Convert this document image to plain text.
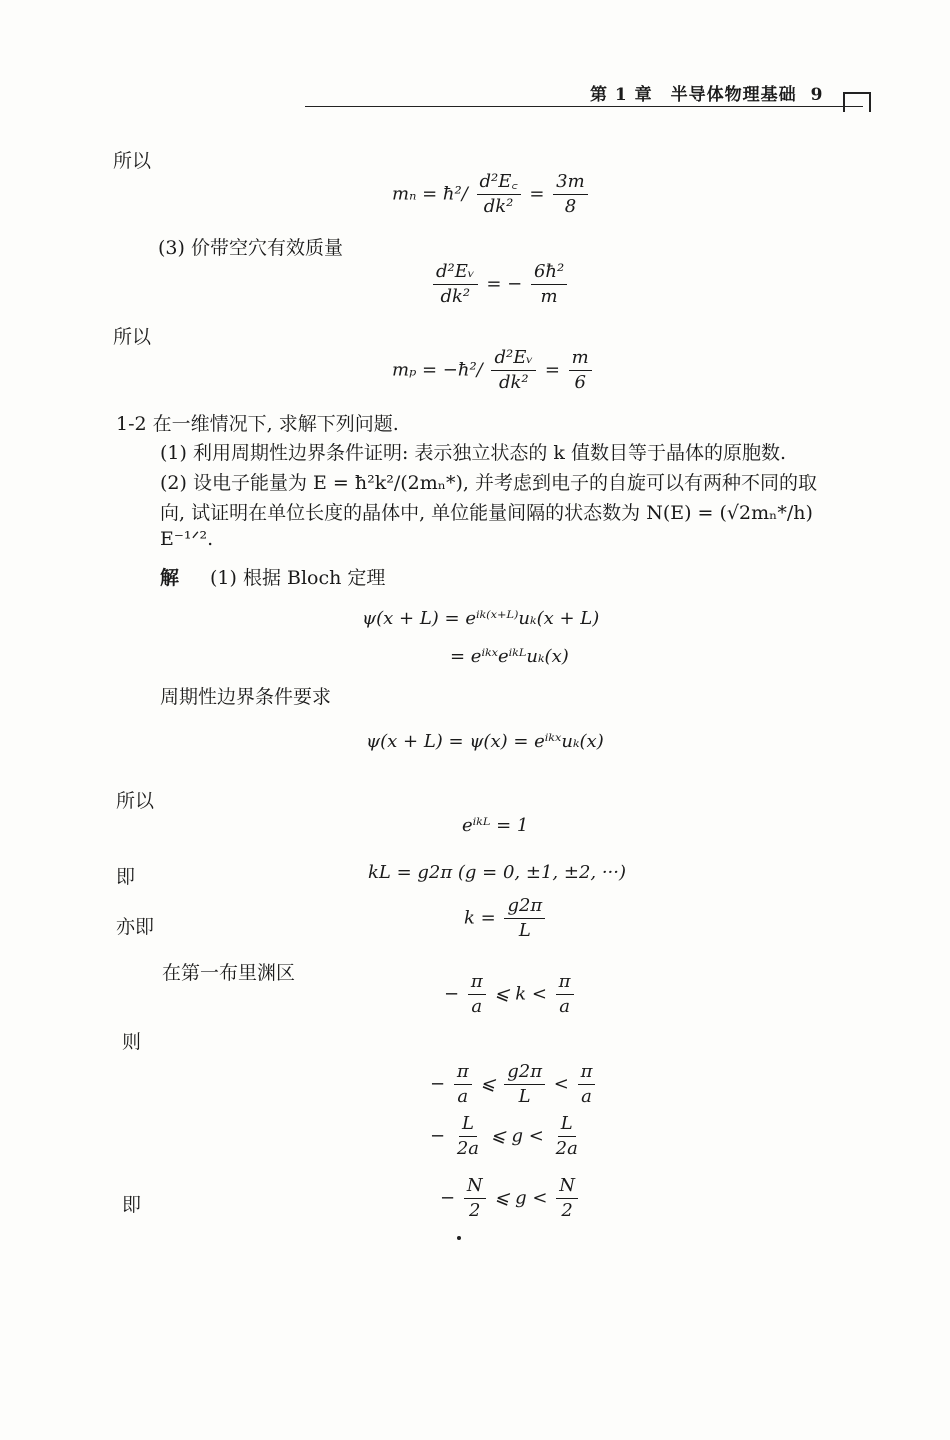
第 1 章　半导体物理基础 9
所以
mₙ = ħ²/ $\frac{\text{d²E꜀}}{\text{dk²}} = \frac{3m}{8}$
(3) 价带空穴有效质量
$\frac{\text{d²Eᵥ}}{\text{dk²}}$ = − $\frac{\text{6ħ²}}{m}$
所以
mₚ = −ħ²/ $\frac{\text{d²Eᵥ}}{\text{dk²}} = \frac{m}{6}$
1-2 在一维情况下, 求解下列问题.
(1) 利用周期性边界条件证明: 表示独立状态的 k 值数目等于晶体的原胞数.
(2) 设电子能量为 E = ħ²k²/(2mₙ*), 并考虑到电子的自旋可以有两种不同的取
向, 试证明在单位长度的晶体中, 单位能量间隔的状态数为 N(E) = (√2mₙ*/h)
E⁻¹ᐟ².
解 (1) 根据 Bloch 定理
ψ(x + L) = eⁱᵏ⁽ˣ⁺ᴸ⁾uₖ(x + L)
= eⁱᵏˣeⁱᵏᴸuₖ(x)
周期性边界条件要求
ψ(x + L) = ψ(x) = eⁱᵏˣuₖ(x)
所以
eⁱᵏᴸ = 1
即	kL = g2π (g = 0, ±1, ±2, ···)
亦即	$k = \frac{g2\pi}{L}$
在第一布里渊区
− $\frac{\pi}{a}$ ⩽ $k < \frac{\pi}{a}$
则
− $\frac{\pi}{a}$ ⩽ $\frac{g2\pi}{L} < \frac{\pi}{a}$
− $\frac{L}{2a}$ ⩽ $g < \frac{L}{2a}$
即	− $\frac{N}{2}$ ⩽ $g < \frac{N}{2}$
